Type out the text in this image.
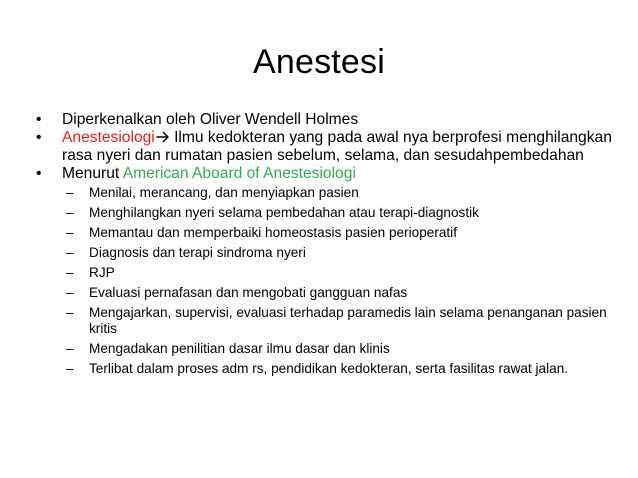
Anestesi
• Diperkenalkan oleh Oliver Wendell Holmes
• Anestesiologi Ilmu kedokteran yang pada awal nya berprofesi menghilangkan rasa nyeri dan rumatan pasien sebelum, selama, dan sesudahpembedahan
• Menurut American Aboard of Anestesiologi
– Menilai, merancang, dan menyiapkan pasien
– Menghilangkan nyeri selama pembedahan atau terapi-diagnostik
– Memantau dan memperbaiki homeostasis pasien perioperatif
– Diagnosis dan terapi sindroma nyeri
– RJP
– Evaluasi pernafasan dan mengobati gangguan nafas
– Mengajarkan, supervisi, evaluasi terhadap paramedis lain selama penanganan pasien kritis
– Mengadakan penilitian dasar ilmu dasar dan klinis
– Terlibat dalam proses adm rs, pendidikan kedokteran, serta fasilitas rawat jalan.
